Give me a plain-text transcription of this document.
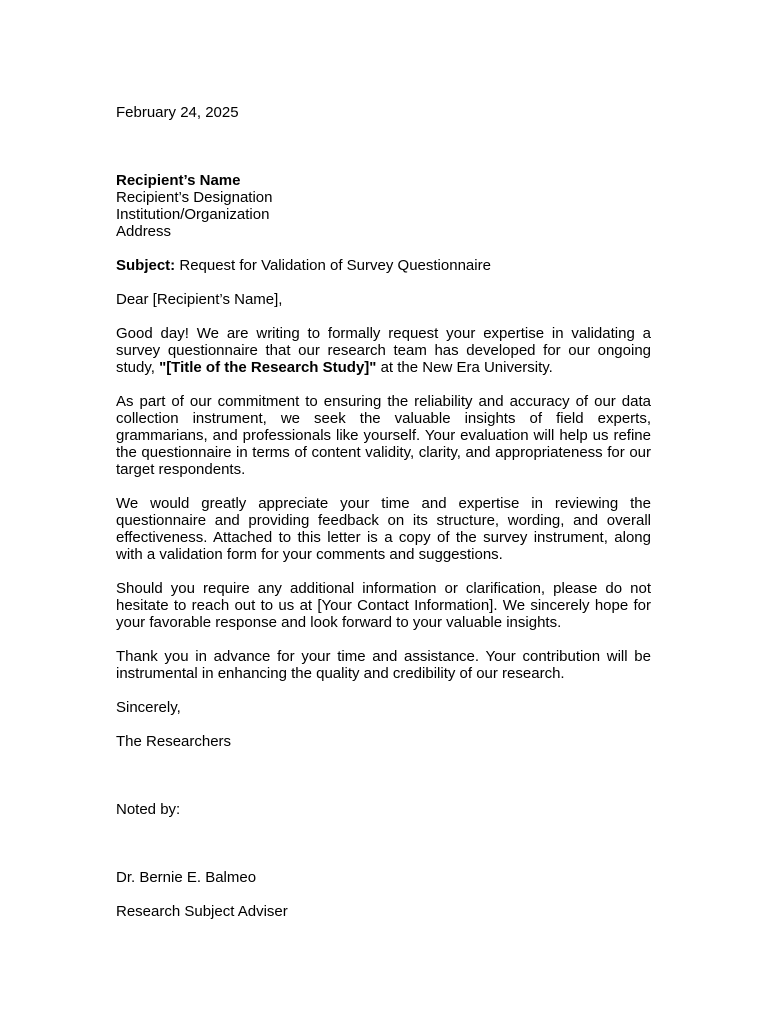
February 24, 2025

Recipient’s Name

Recipient’s Designation

Institution/Organization

Address

Subject: Request for Validation of Survey Questionnaire

Dear [Recipient’s Name],

Good day! We are writing to formally request your expertise in validating a survey questionnaire that our research team has developed for our ongoing study, "[Title of the Research Study]" at the New Era University.

As part of our commitment to ensuring the reliability and accuracy of our data collection instrument, we seek the valuable insights of field experts, grammarians, and professionals like yourself. Your evaluation will help us refine the questionnaire in terms of content validity, clarity, and appropriateness for our target respondents.

We would greatly appreciate your time and expertise in reviewing the questionnaire and providing feedback on its structure, wording, and overall effectiveness. Attached to this letter is a copy of the survey instrument, along with a validation form for your comments and suggestions.

Should you require any additional information or clarification, please do not hesitate to reach out to us at [Your Contact Information]. We sincerely hope for your favorable response and look forward to your valuable insights.

Thank you in advance for your time and assistance. Your contribution will be instrumental in enhancing the quality and credibility of our research.

Sincerely,

The Researchers

Noted by:

Dr. Bernie E. Balmeo

Research Subject Adviser
